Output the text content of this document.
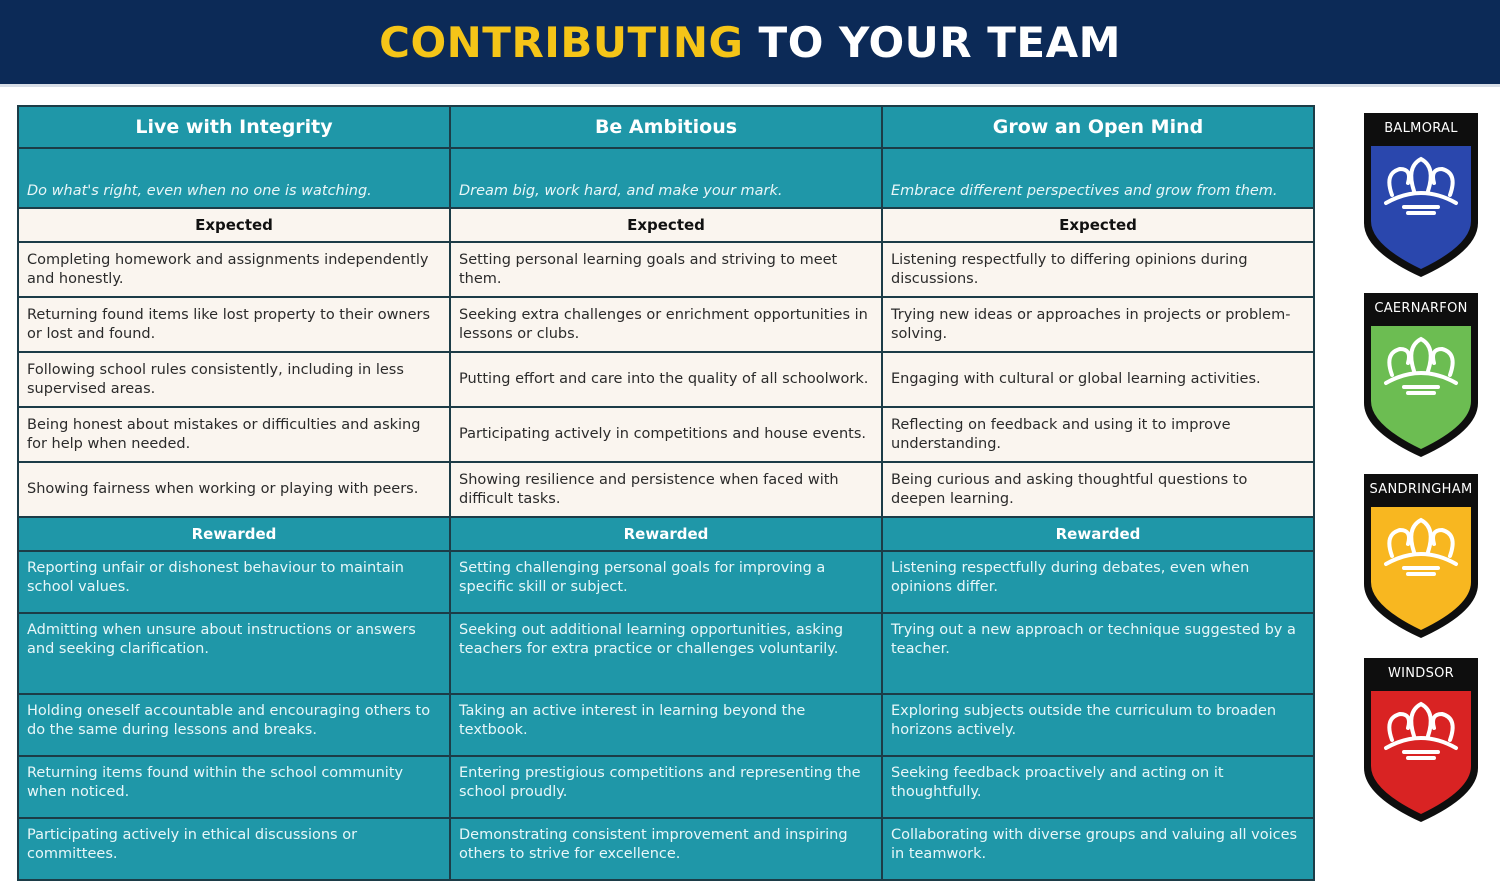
CONTRIBUTING TO YOUR TEAM
Live with Integrity	Be Ambitious	Grow an Open Mind
Do what's right, even when no one is watching.	Dream big, work hard, and make your mark.	Embrace different perspectives and grow from them.
Expected	Expected	Expected
Completing homework and assignments independently and honestly.	Setting personal learning goals and striving to meet them.	Listening respectfully to differing opinions during discussions.
Returning found items like lost property to their owners or lost and found.	Seeking extra challenges or enrichment opportunities in lessons or clubs.	Trying new ideas or approaches in projects or problem-solving.
Following school rules consistently, including in less supervised areas.	Putting effort and care into the quality of all schoolwork.	Engaging with cultural or global learning activities.
Being honest about mistakes or difficulties and asking for help when needed.	Participating actively in competitions and house events.	Reflecting on feedback and using it to improve understanding.
Showing fairness when working or playing with peers.	Showing resilience and persistence when faced with difficult tasks.	Being curious and asking thoughtful questions to deepen learning.
Rewarded	Rewarded	Rewarded
Reporting unfair or dishonest behaviour to maintain school values.	Setting challenging personal goals for improving a specific skill or subject.	Listening respectfully during debates, even when opinions differ.
Admitting when unsure about instructions or answers and seeking clarification.	Seeking out additional learning opportunities, asking teachers for extra practice or challenges voluntarily.	Trying out a new approach or technique suggested by a teacher.
Holding oneself accountable and encouraging others to do the same during lessons and breaks.	Taking an active interest in learning beyond the textbook.	Exploring subjects outside the curriculum to broaden horizons actively.
Returning items found within the school community when noticed.	Entering prestigious competitions and representing the school proudly.	Seeking feedback proactively and acting on it thoughtfully.
Participating actively in ethical discussions or committees.	Demonstrating consistent improvement and inspiring others to strive for excellence.	Collaborating with diverse groups and valuing all voices in teamwork.
BALMORAL
CAERNARFON
SANDRINGHAM
WINDSOR
